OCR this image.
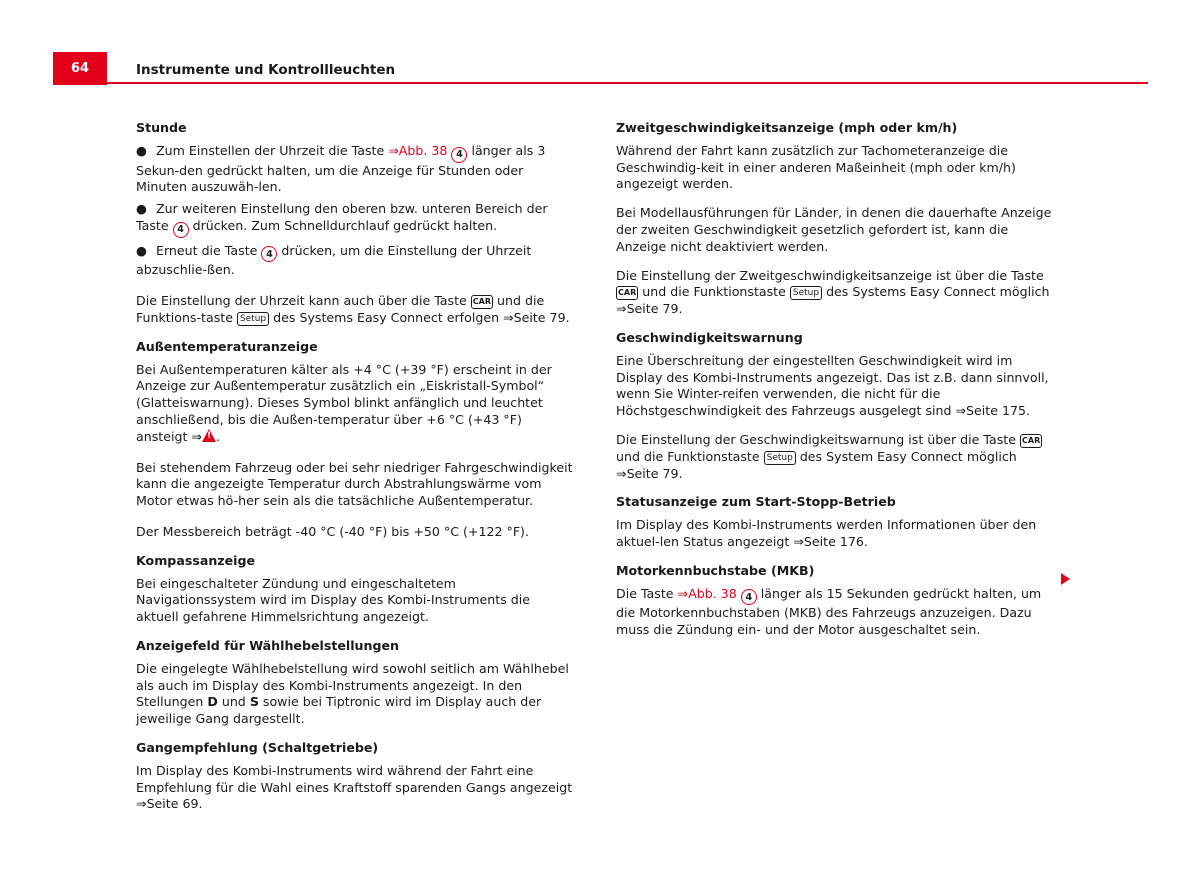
64	Instrumente und Kontrollleuchten
Stunde

● Zum Einstellen der Uhrzeit die Taste ⇒Abb. 38 4 länger als 3 Sekun-den gedrückt halten, um die Anzeige für Stunden oder Minuten auszuwäh-len.

● Zur weiteren Einstellung den oberen bzw. unteren Bereich der Taste 4 drücken. Zum Schnelldurchlauf gedrückt halten.

● Erneut die Taste 4 drücken, um die Einstellung der Uhrzeit abzuschlie-ßen.

Die Einstellung der Uhrzeit kann auch über die Taste CAR und die Funktions-taste Setup des Systems Easy Connect erfolgen ⇒Seite 79.

Außentemperaturanzeige

Bei Außentemperaturen kälter als +4 °C (+39 °F) erscheint in der Anzeige zur Außentemperatur zusätzlich ein „Eiskristall-Symbol“ (Glatteiswarnung). Dieses Symbol blinkt anfänglich und leuchtet anschließend, bis die Außen-temperatur über +6 °C (+43 °F) ansteigt ⇒! .

Bei stehendem Fahrzeug oder bei sehr niedriger Fahrgeschwindigkeit kann die angezeigte Temperatur durch Abstrahlungswärme vom Motor etwas hö-her sein als die tatsächliche Außentemperatur.

Der Messbereich beträgt -40 °C (-40 °F) bis +50 °C (+122 °F).

Kompassanzeige

Bei eingeschalteter Zündung und eingeschaltetem Navigationssystem wird im Display des Kombi-Instruments die aktuell gefahrene Himmelsrichtung angezeigt.

Anzeigefeld für Wählhebelstellungen

Die eingelegte Wählhebelstellung wird sowohl seitlich am Wählhebel als auch im Display des Kombi-Instruments angezeigt. In den Stellungen D und S sowie bei Tiptronic wird im Display auch der jeweilige Gang dargestellt.

Gangempfehlung (Schaltgetriebe)

Im Display des Kombi-Instruments wird während der Fahrt eine Empfehlung für die Wahl eines Kraftstoff sparenden Gangs angezeigt ⇒Seite 69.

Zweitgeschwindigkeitsanzeige (mph oder km/h)

Während der Fahrt kann zusätzlich zur Tachometeranzeige die Geschwindig-keit in einer anderen Maßeinheit (mph oder km/h) angezeigt werden.

Bei Modellausführungen für Länder, in denen die dauerhafte Anzeige der zweiten Geschwindigkeit gesetzlich gefordert ist, kann die Anzeige nicht deaktiviert werden.

Die Einstellung der Zweitgeschwindigkeitsanzeige ist über die Taste CAR und die Funktionstaste Setup des Systems Easy Connect möglich ⇒Seite 79.

Geschwindigkeitswarnung

Eine Überschreitung der eingestellten Geschwindigkeit wird im Display des Kombi-Instruments angezeigt. Das ist z.B. dann sinnvoll, wenn Sie Winter-reifen verwenden, die nicht für die Höchstgeschwindigkeit des Fahrzeugs ausgelegt sind ⇒Seite 175.

Die Einstellung der Geschwindigkeitswarnung ist über die Taste CAR und die Funktionstaste Setup des System Easy Connect möglich ⇒Seite 79.

Statusanzeige zum Start-Stopp-Betrieb

Im Display des Kombi-Instruments werden Informationen über den aktuel-len Status angezeigt ⇒Seite 176.

Motorkennbuchstabe (MKB)

Die Taste ⇒Abb. 38 4 länger als 15 Sekunden gedrückt halten, um die Motorkennbuchstaben (MKB) des Fahrzeugs anzuzeigen. Dazu muss die Zündung ein- und der Motor ausgeschaltet sein.
